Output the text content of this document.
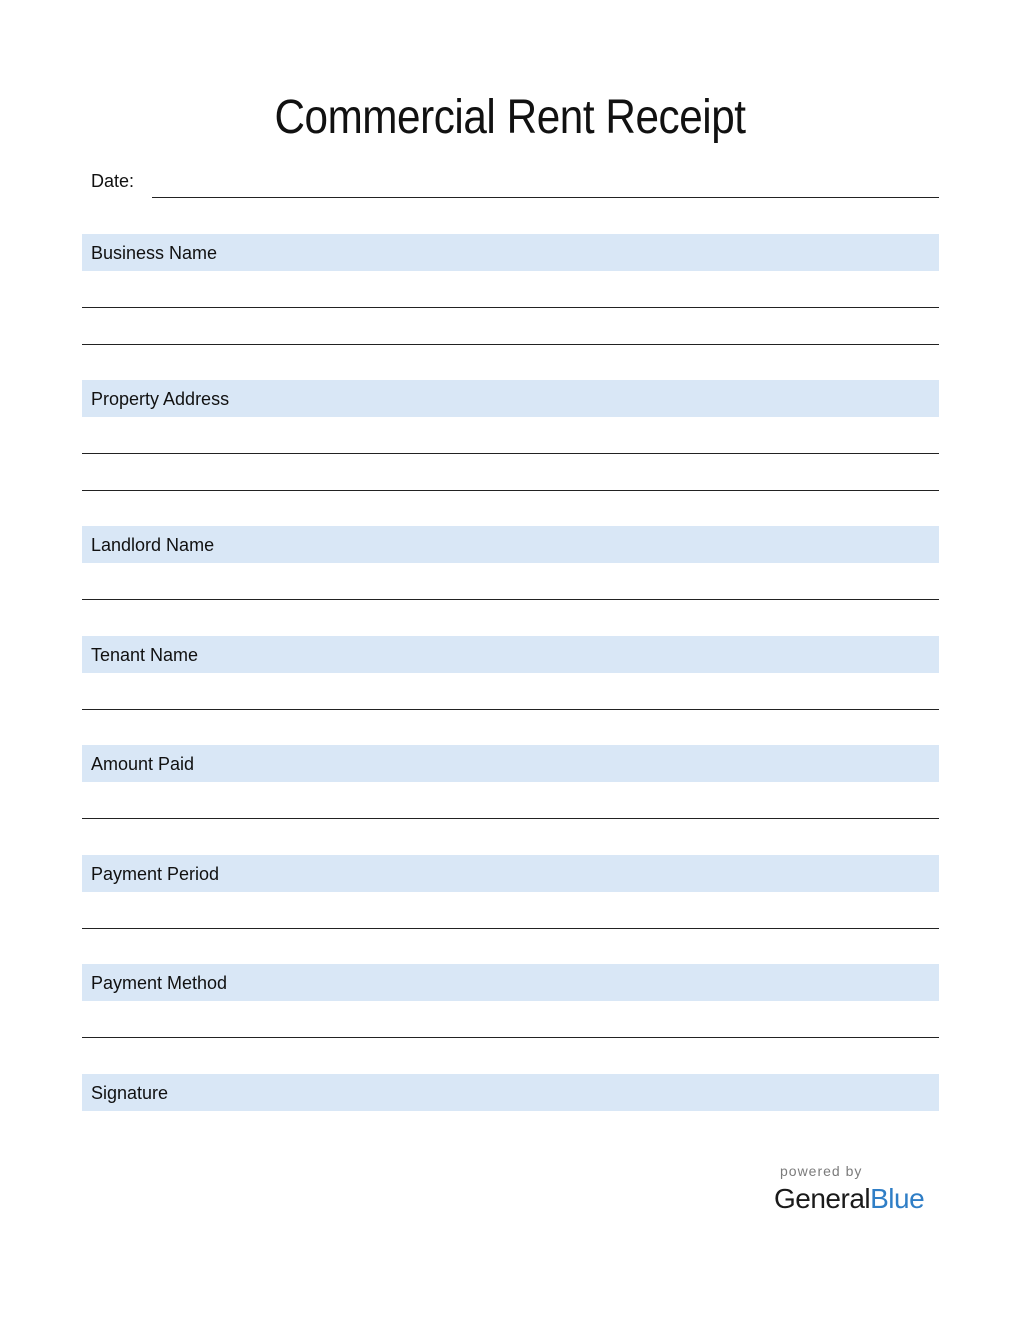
Commercial Rent Receipt
Date:
Business Name
Property Address
Landlord Name
Tenant Name
Amount Paid
Payment Period
Payment Method
Signature
powered by
GeneralBlue
